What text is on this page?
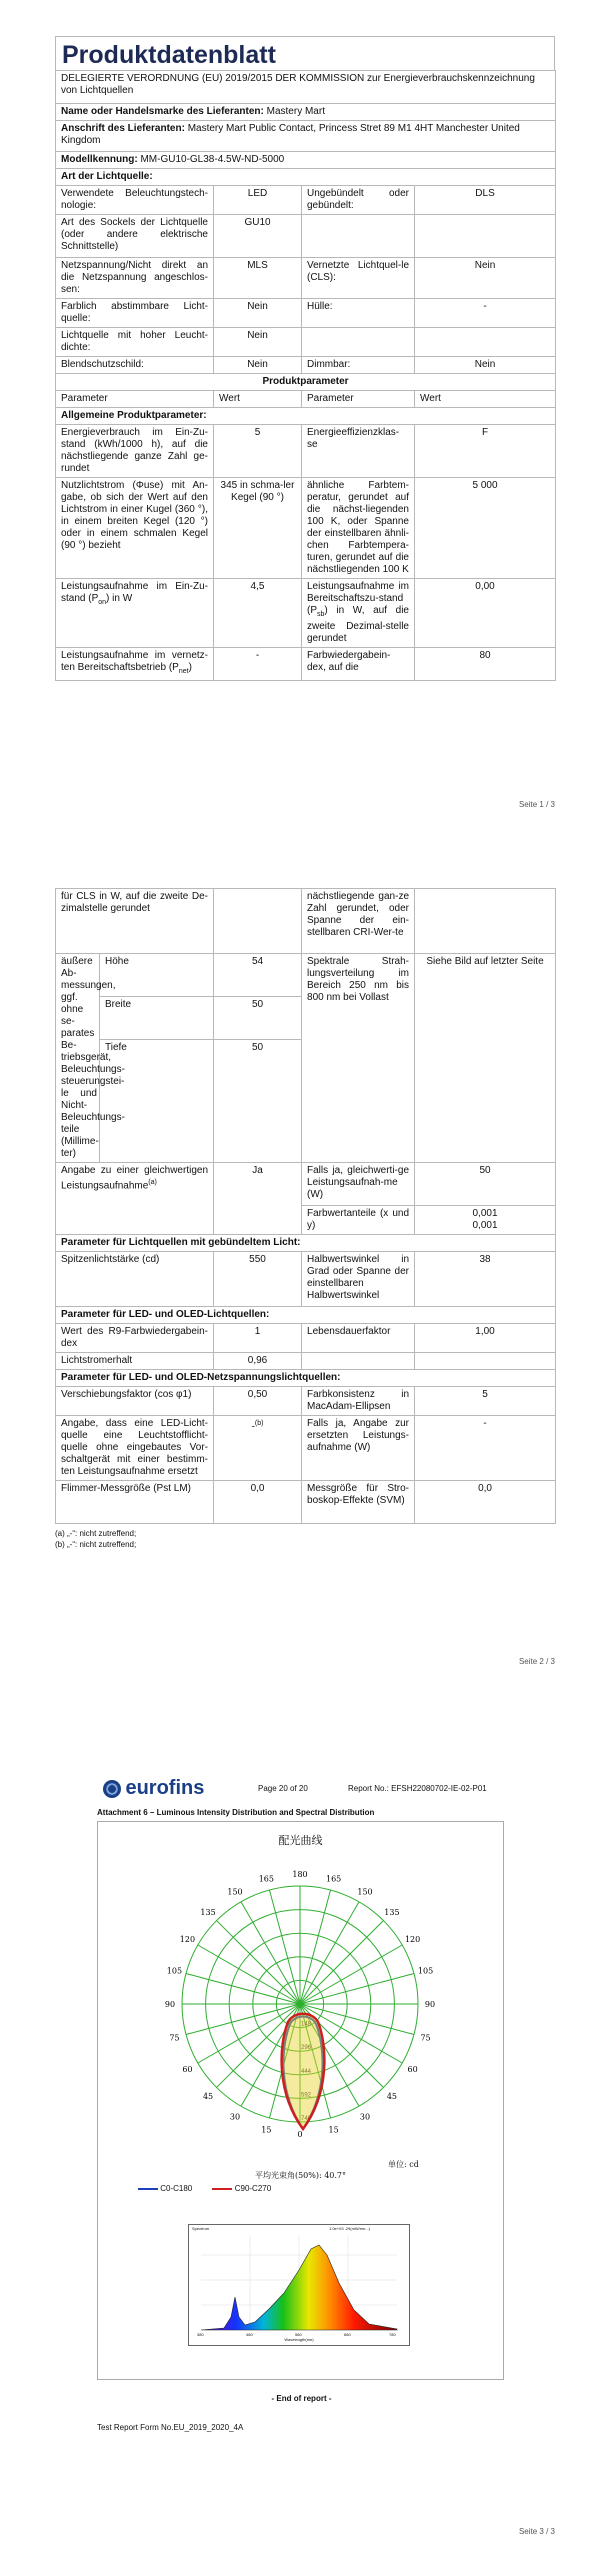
Produktdatenblatt
DELEGIERTE VERORDNUNG (EU) 2019/2015 DER KOMMISSION zur Energieverbrauchskennzeichnung von Lichtquellen			
Name oder Handelsmarke des Lieferanten: Mastery Mart			
Anschrift des Lieferanten: Mastery Mart Public Contact, Princess Stret 89 M1 4HT Manchester United Kingdom			
Modellkennung: MM-GU10-GL38-4.5W-ND-5000			
Art der Lichtquelle:			
Verwendete Beleuchtungstech-nologie:	LED	Ungebündelt oder gebündelt:	DLS
Art des Sockels der Lichtquelle (oder andere elektrische Schnittstelle)	GU10		
Netzspannung/Nicht direkt an die Netzspannung angeschlos-sen:	MLS	Vernetzte Lichtquel-le (CLS):	Nein
Farblich abstimmbare Licht-quelle:	Nein	Hülle:	-
Lichtquelle mit hoher Leucht-dichte:	Nein		
Blendschutzschild:	Nein	Dimmbar:	Nein
Produktparameter			
Parameter	Wert	Parameter	Wert
Allgemeine Produktparameter:			
Energieverbrauch im Ein-Zu-stand (kWh/1000 h), auf die nächstliegende ganze Zahl ge-rundet	5	Energieeffizienzklas-se	F
Nutzlichtstrom (Φuse) mit An-gabe, ob sich der Wert auf den Lichtstrom in einer Kugel (360 °), in einem breiten Kegel (120 °) oder in einem schmalen Kegel (90 °) bezieht	345 in schma-ler Kegel (90 °)	ähnliche Farbtem-peratur, gerundet auf die nächst-liegenden 100 K, oder Spanne der einstellbaren ähnli-chen Farbtempera-turen, gerundet auf die nächstliegenden 100 K	5 000
Leistungsaufnahme im Ein-Zu-stand $(P_{on})$ in W	4,5	Leistungsaufnahme im Bereitschaftszu-stand $(P_{sb})$ in W, auf die zweite Dezimal-stelle gerundet	0,00
Leistungsaufnahme im vernetz-ten Bereitschaftsbetrieb $(P_{net})$	-	Farbwiedergabein-dex, auf die	80
Seite 1 / 3
für CLS in W, auf die zweite De-zimalstelle gerundet			nächstliegende gan-ze Zahl gerundet, oder Spanne der ein-stellbaren CRI-Wer-te	
äußere Ab-messungen, ggf. ohne se-parates Be-triebsgerät, Beleuchtungs-steuerungstei-le und Nicht-Beleuchtungs-teile (Millime-ter)	Höhe	54	Spektrale Strah-lungsverteilung im Bereich 250 nm bis 800 nm bei Vollast	Siehe Bild auf letzter Seite
	Breite	50		
	Tiefe	50		
Angabe zu einer gleichwertigen Leistungsaufnahme$^{(a)}$		Ja	Falls ja, gleichwerti-ge Leistungsaufnah-me (W)	50
			Farbwertanteile (x und y)	0,001
0,001

Parameter für Lichtquellen mit gebündeltem Licht:				
Spitzenlichtstärke (cd)		550	Halbwertswinkel in Grad oder Spanne der einstellbaren Halbwertswinkel	38
Parameter für LED- und OLED-Lichtquellen:				
Wert des R9-Farbwiedergabein-dex		1	Lebensdauerfaktor	1,00
Lichtstromerhalt		0,96		
Parameter für LED- und OLED-Netzspannungslichtquellen:				
Verschiebungsfaktor (cos φ1)		0,50	Farbkonsistenz in MacAdam-Ellipsen	5
Angabe, dass eine LED-Licht-quelle eine Leuchtstofflicht-quelle ohne eingebautes Vor-schaltgerät mit einer bestimm-ten Leistungsaufnahme ersetzt		-$^{(b)}$	Falls ja, Angabe zur ersetzten Leistungs-aufnahme (W)	-
Flimmer-Messgröße (Pst LM)		0,0	Messgröße für Stro-boskop-Effekte (SVM)	0,0
(a) „-“: nicht zutreffend;
(b) „-“: nicht zutreffend;
Seite 2 / 3
eurofins	Page 20 of 20	Report No.: EFSH22080702-IE-02-P01
Attachment 6 – Luminous Intensity Distribution and Spectral Distribution
配光曲线
165
180
165
150
150
135
135
120
120
105
105
90
90
75
75
60
60
45
45
30
30
15
0
15
单位: cd
平均光束角(50%): 40.7°
C0-C180	C90-C270
Spectrum	1.0e+03 .29(mW/nm...)
380	480	580	680	780
Wavelength(nm)
- End of report -
Test Report Form No.EU_2019_2020_4A
Seite 3 / 3
